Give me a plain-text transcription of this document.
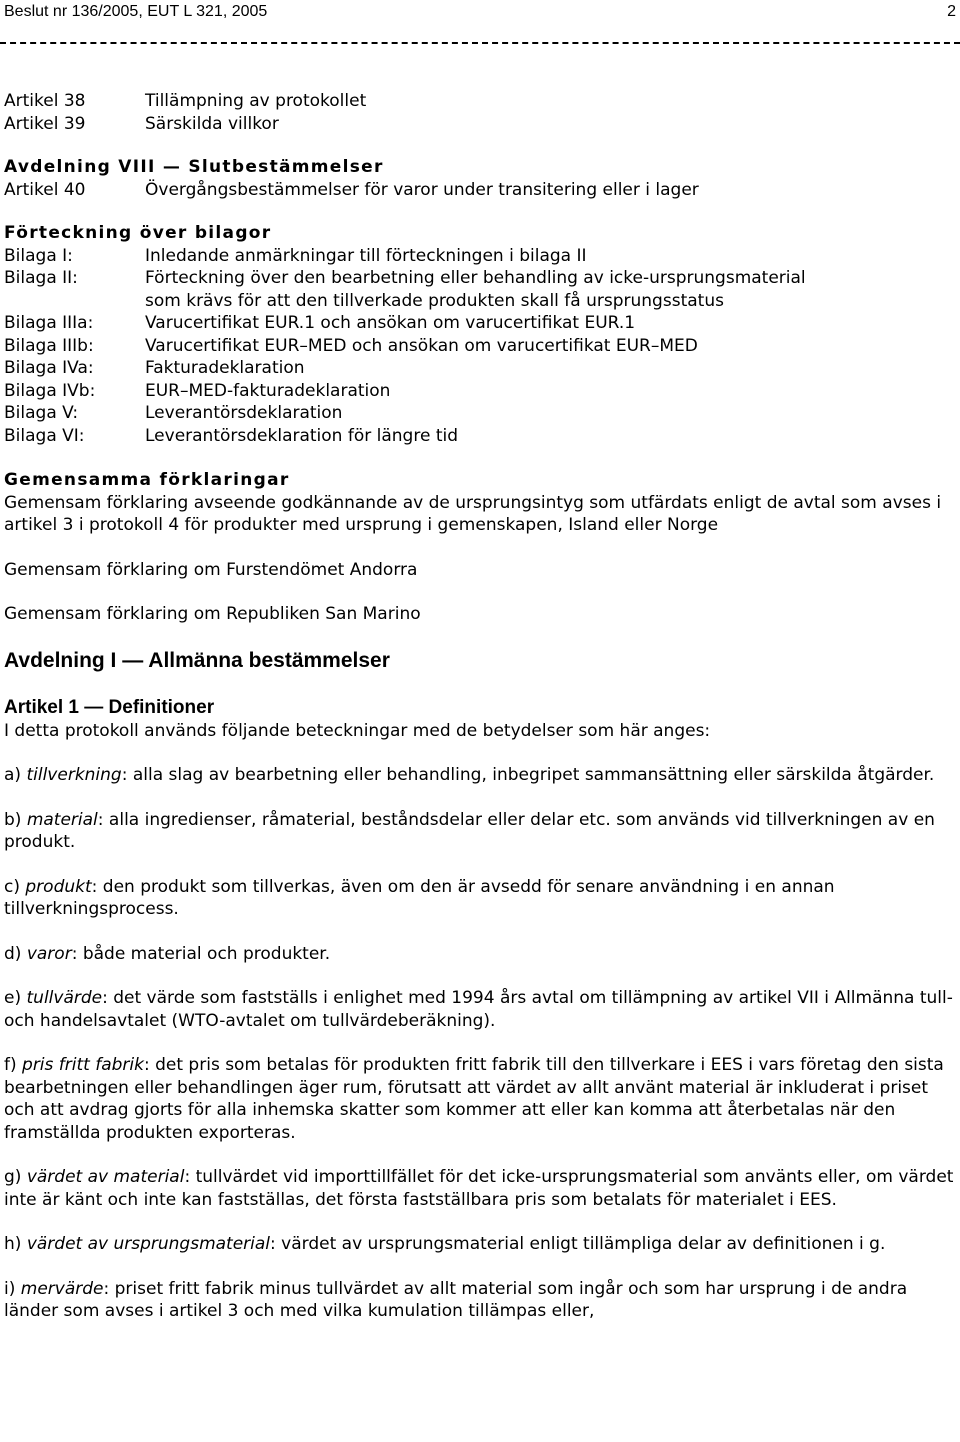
Beslut nr 136/2005, EUT L 321, 2005	2
Artikel 38	Tillämpning av protokollet
Artikel 39	Särskilda villkor
Avdelning VIII — Slutbestämmelser
Artikel 40	Övergångsbestämmelser för varor under transitering eller i lager
Förteckning över bilagor
Bilaga I:	Inledande anmärkningar till förteckningen i bilaga II
Bilaga II:	Förteckning över den bearbetning eller behandling av icke-ursprungsmaterial
som krävs för att den tillverkade produkten skall få ursprungsstatus
Bilaga IIIa:	Varucertifikat EUR.1 och ansökan om varucertifikat EUR.1
Bilaga IIIb:	Varucertifikat EUR–MED och ansökan om varucertifikat EUR–MED
Bilaga IVa:	Fakturadeklaration
Bilaga IVb:	EUR–MED-fakturadeklaration
Bilaga V:	Leverantörsdeklaration
Bilaga VI:	Leverantörsdeklaration för längre tid
Gemensamma förklaringar

Gemensam förklaring avseende godkännande av de ursprungsintyg som utfärdats enligt de avtal som avses i artikel 3 i protokoll 4 för produkter med ursprung i gemenskapen, Island eller Norge

Gemensam förklaring om Furstendömet Andorra

Gemensam förklaring om Republiken San Marino

Avdelning I — Allmänna bestämmelser
Artikel 1 — Definitioner

I detta protokoll används följande beteckningar med de betydelser som här anges:

a) tillverkning: alla slag av bearbetning eller behandling, inbegripet sammansättning eller särskilda åtgärder.

b) material: alla ingredienser, råmaterial, beståndsdelar eller delar etc. som används vid tillverkningen av en produkt.

c) produkt: den produkt som tillverkas, även om den är avsedd för senare användning i en annan tillverkningsprocess.

d) varor: både material och produkter.

e) tullvärde: det värde som fastställs i enlighet med 1994 års avtal om tillämpning av artikel VII i Allmänna tull- och handelsavtalet (WTO-avtalet om tullvärdeberäkning).

f) pris fritt fabrik: det pris som betalas för produkten fritt fabrik till den tillverkare i EES i vars företag den sista bearbetningen eller behandlingen äger rum, förutsatt att värdet av allt använt material är inkluderat i priset och att avdrag gjorts för alla inhemska skatter som kommer att eller kan komma att återbetalas när den framställda produkten exporteras.

g) värdet av material: tullvärdet vid importtillfället för det icke-ursprungsmaterial som använts eller, om värdet inte är känt och inte kan fastställas, det första fastställbara pris som betalats för materialet i EES.

h) värdet av ursprungsmaterial: värdet av ursprungsmaterial enligt tillämpliga delar av definitionen i g.

i) mervärde: priset fritt fabrik minus tullvärdet av allt material som ingår och som har ursprung i de andra länder som avses i artikel 3 och med vilka kumulation tillämpas eller,
